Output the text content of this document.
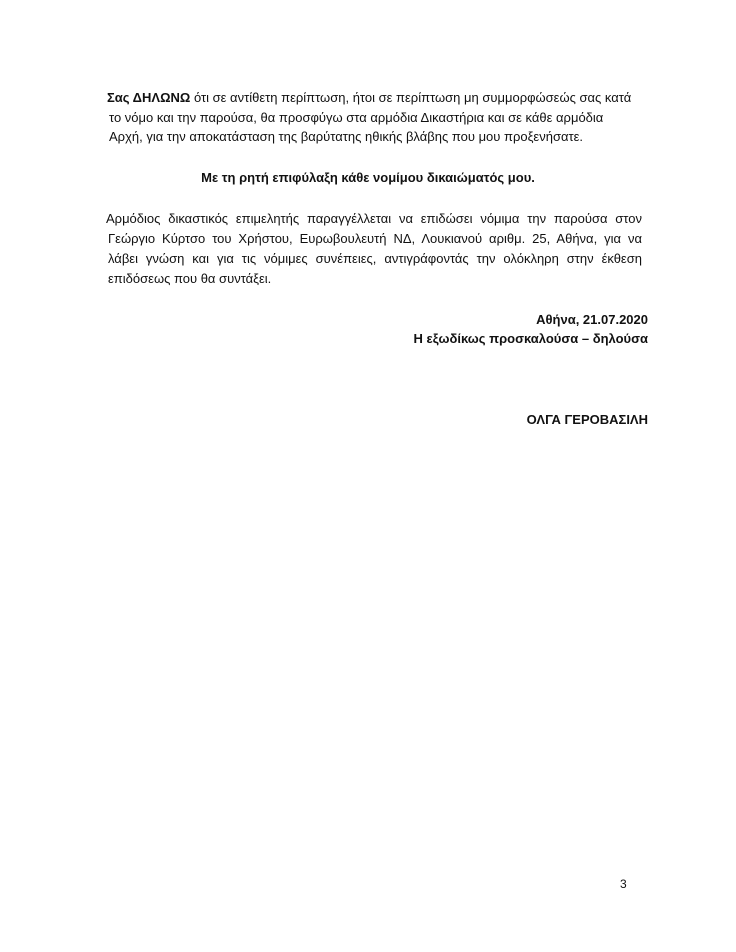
Σας ΔΗΛΩΝΩ ότι σε αντίθετη περίπτωση, ήτοι σε περίπτωση μη συμμορφώσεώς σας κατά
το νόμο και την παρούσα, θα προσφύγω στα αρμόδια Δικαστήρια και σε κάθε αρμόδια
Αρχή, για την αποκατάσταση της βαρύτατης ηθικής βλάβης που μου προξενήσατε.
Με τη ρητή επιφύλαξη κάθε νομίμου δικαιώματός μου.
Αρμόδιος δικαστικός επιμελητής παραγγέλλεται να επιδώσει νόμιμα την παρούσα στον
Γεώργιο Κύρτσο του Χρήστου, Ευρωβουλευτή ΝΔ, Λουκιανού αριθμ. 25, Αθήνα, για να
λάβει γνώση και για τις νόμιμες συνέπειες, αντιγράφοντάς την ολόκληρη στην έκθεση
επιδόσεως που θα συντάξει.
Αθήνα, 21.07.2020
Η εξωδίκως προσκαλούσα – δηλούσα
ΟΛΓΑ ΓΕΡΟΒΑΣΙΛΗ
3
